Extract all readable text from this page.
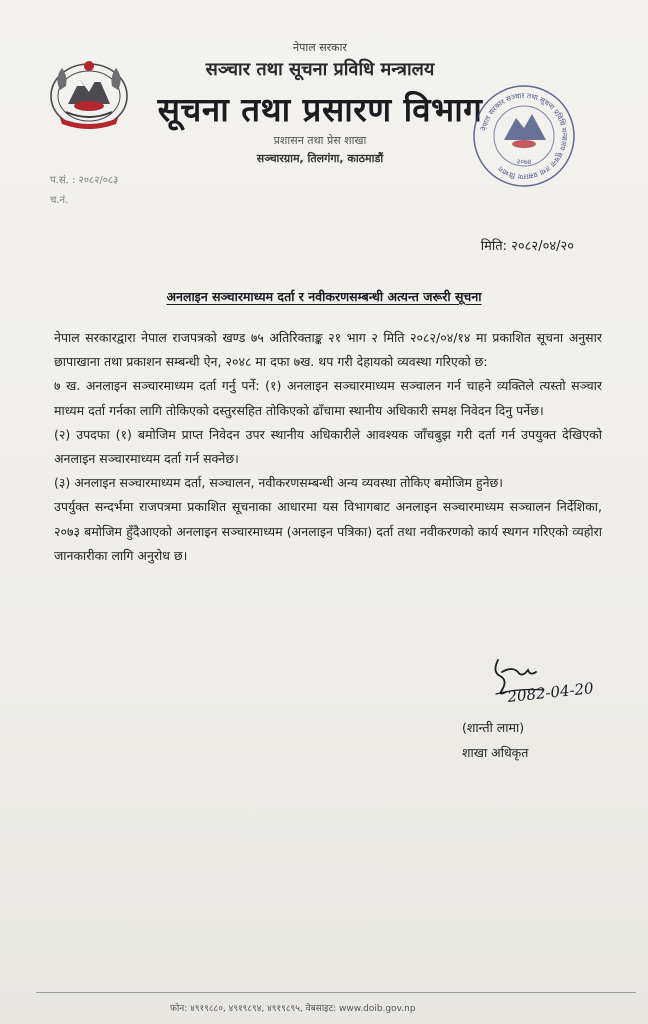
नेपाल सरकार

सञ्चार तथा सूचना प्रविधि मन्त्रालय

सूचना तथा प्रसारण विभाग

प्रशासन तथा प्रेस शाखा

सञ्चारग्राम, तिलगंगा, काठमाडौं

नेपाल सरकार सञ्चार तथा सूचना प्रविधि मन्त्रालय सूचना तथा प्रसारण विभाग
२०७४

प.सं. : २०८२/०८३

च.नं.

मिति: २०८२/०४/२०

अनलाइन सञ्चारमाध्यम दर्ता र नवीकरणसम्बन्धी अत्यन्त जरूरी सूचना

नेपाल सरकारद्वारा नेपाल राजपत्रको खण्ड ७५ अतिरिक्ताङ्क २१ भाग २ मिति २०८२/०४/१४ मा प्रकाशित सूचना अनुसार छापाखाना तथा प्रकाशन सम्बन्धी ऐन, २०४८ मा दफा ७ख. थप गरी देहायको व्यवस्था गरिएको छ:

७ ख. अनलाइन सञ्चारमाध्यम दर्ता गर्नु पर्ने: (१) अनलाइन सञ्चारमाध्यम सञ्चालन गर्न चाहने व्यक्तिले त्यस्तो सञ्चार माध्यम दर्ता गर्नका लागि तोकिएको दस्तुरसहित तोकिएको ढाँचामा स्थानीय अधिकारी समक्ष निवेदन दिनु पर्नेछ।

(२) उपदफा (१) बमोजिम प्राप्त निवेदन उपर स्थानीय अधिकारीले आवश्यक जाँचबुझ गरी दर्ता गर्न उपयुक्त देखिएको अनलाइन सञ्चारमाध्यम दर्ता गर्न सक्नेछ।

(३) अनलाइन सञ्चारमाध्यम दर्ता, सञ्चालन, नवीकरणसम्बन्धी अन्य व्यवस्था तोकिए बमोजिम हुनेछ।

उपर्युक्त सन्दर्भमा राजपत्रमा प्रकाशित सूचनाका आधारमा यस विभागबाट अनलाइन सञ्चारमाध्यम सञ्चालन निर्देशिका, २०७३ बमोजिम हुँदैआएको अनलाइन सञ्चारमाध्यम (अनलाइन पत्रिका) दर्ता तथा नवीकरणको कार्य स्थगन गरिएको व्यहोरा जानकारीका लागि अनुरोध छ।

2082-04-20

(शान्ती लामा)

शाखा अधिकृत

फोन: ४९१९८८०, ४९१९८९४, ४९१९८९५, वेबसाइट: www.doib.gov.np
